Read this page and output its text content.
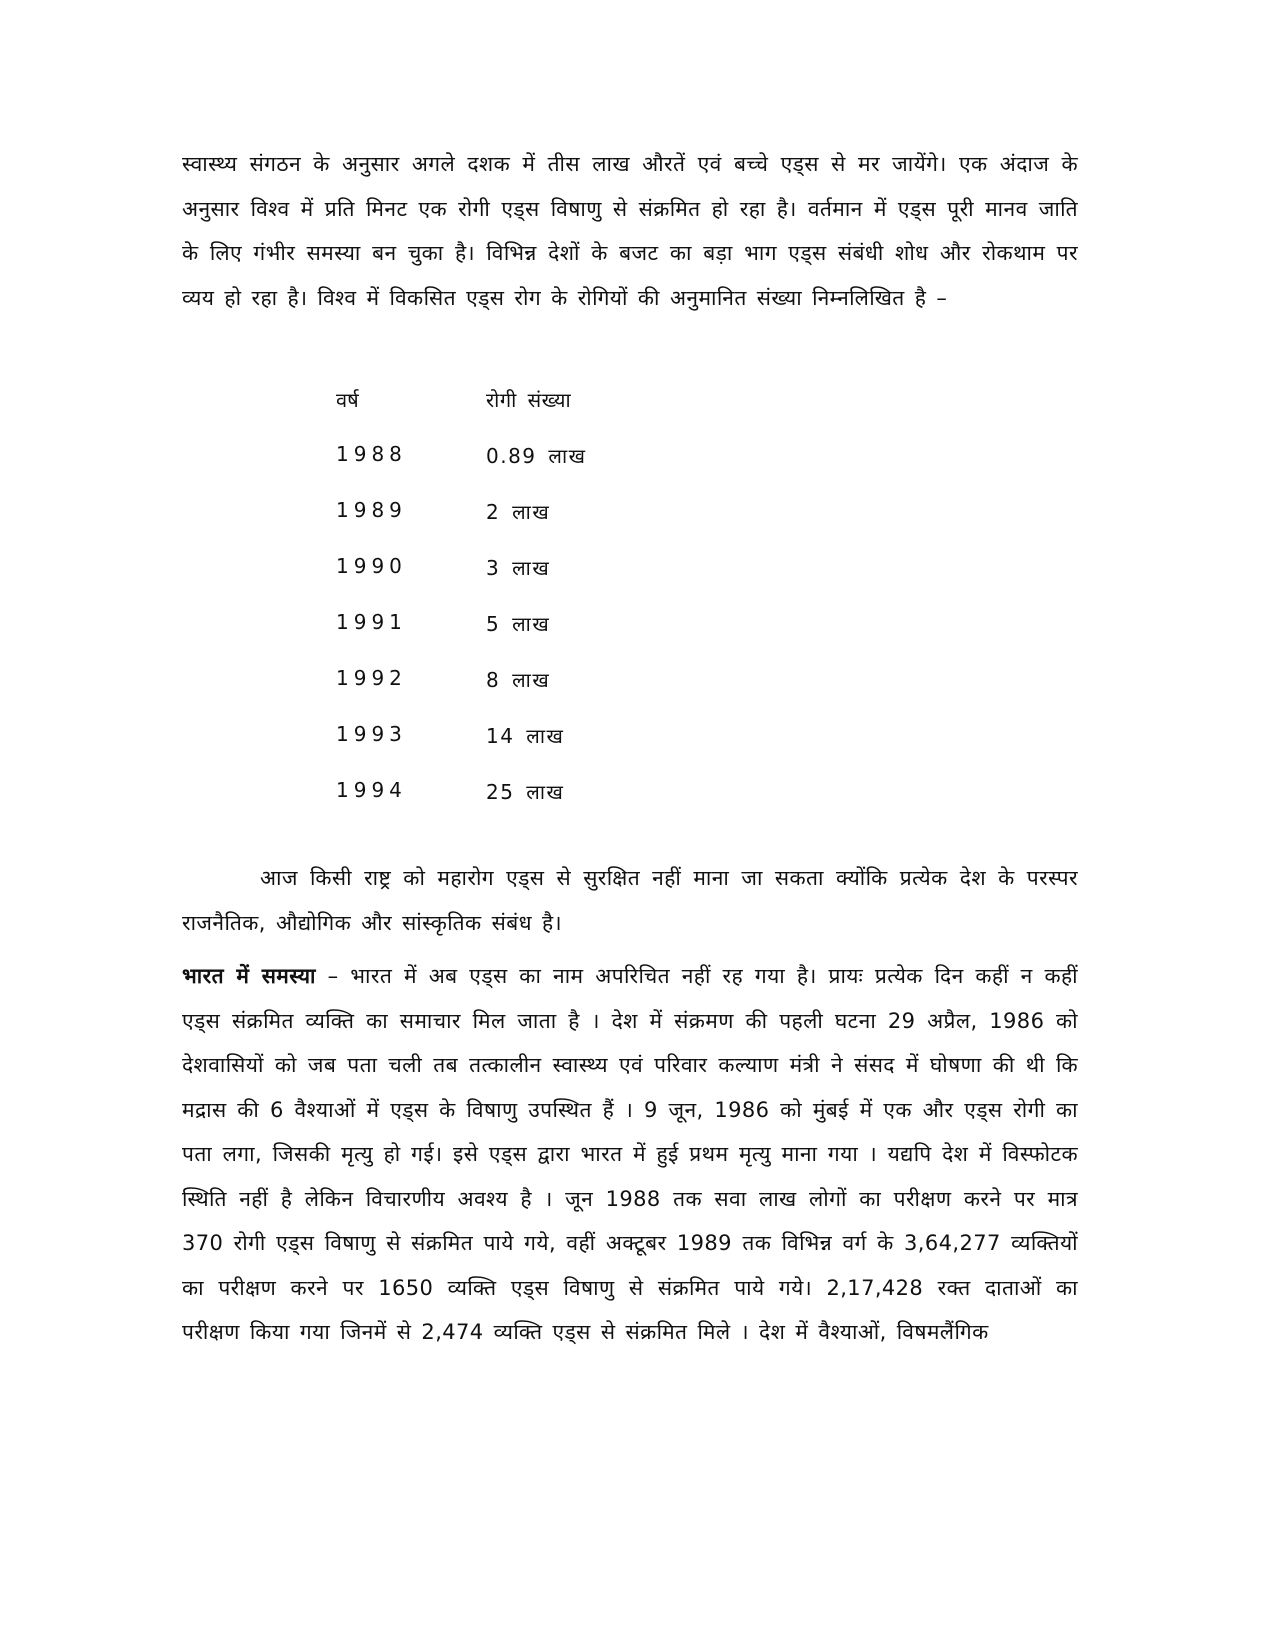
स्वास्थ्य संगठन के अनुसार अगले दशक में तीस लाख औरतें एवं बच्चे एड्स से मर जायेंगे। एक अंदाज के अनुसार विश्व में प्रति मिनट एक रोगी एड्स विषाणु से संक्रमित हो रहा है। वर्तमान में एड्स पूरी मानव जाति के लिए गंभीर समस्या बन चुका है। विभिन्न देशों के बजट का बड़ा भाग एड्स संबंधी शोध और रोकथाम पर व्यय हो रहा है। विश्व में विकसित एड्स रोग के रोगियों की अनुमानित संख्या निम्नलिखित है –

वर्ष	रोगी संख्या
1988	0.89 लाख
1989	2 लाख
1990	3 लाख
1991	5 लाख
1992	8 लाख
1993	14 लाख
1994	25 लाख

आज किसी राष्ट्र को महारोग एड्स से सुरक्षित नहीं माना जा सकता क्योंकि प्रत्येक देश के परस्पर राजनैतिक, औद्योगिक और सांस्कृतिक संबंध है।

भारत में समस्या – भारत में अब एड्स का नाम अपरिचित नहीं रह गया है। प्रायः प्रत्येक दिन कहीं न कहीं एड्स संक्रमित व्यक्ति का समाचार मिल जाता है । देश में संक्रमण की पहली घटना 29 अप्रैल, 1986 को देशवासियों को जब पता चली तब तत्कालीन स्वास्थ्य एवं परिवार कल्याण मंत्री ने संसद में घोषणा की थी कि मद्रास की 6 वैश्याओं में एड्स के विषाणु उपस्थित हैं । 9 जून, 1986 को मुंबई में एक और एड्स रोगी का पता लगा, जिसकी मृत्यु हो गई। इसे एड्स द्वारा भारत में हुई प्रथम मृत्यु माना गया । यद्यपि देश में विस्फोटक स्थिति नहीं है लेकिन विचारणीय अवश्य है । जून 1988 तक सवा लाख लोगों का परीक्षण करने पर मात्र 370 रोगी एड्स विषाणु से संक्रमित पाये गये, वहीं अक्टूबर 1989 तक विभिन्न वर्ग के 3,64,277 व्यक्तियों का परीक्षण करने पर 1650 व्यक्ति एड्स विषाणु से संक्रमित पाये गये। 2,17,428 रक्त दाताओं का परीक्षण किया गया जिनमें से 2,474 व्यक्ति एड्स से संक्रमित मिले । देश में वैश्याओं, विषमलैंगिक
